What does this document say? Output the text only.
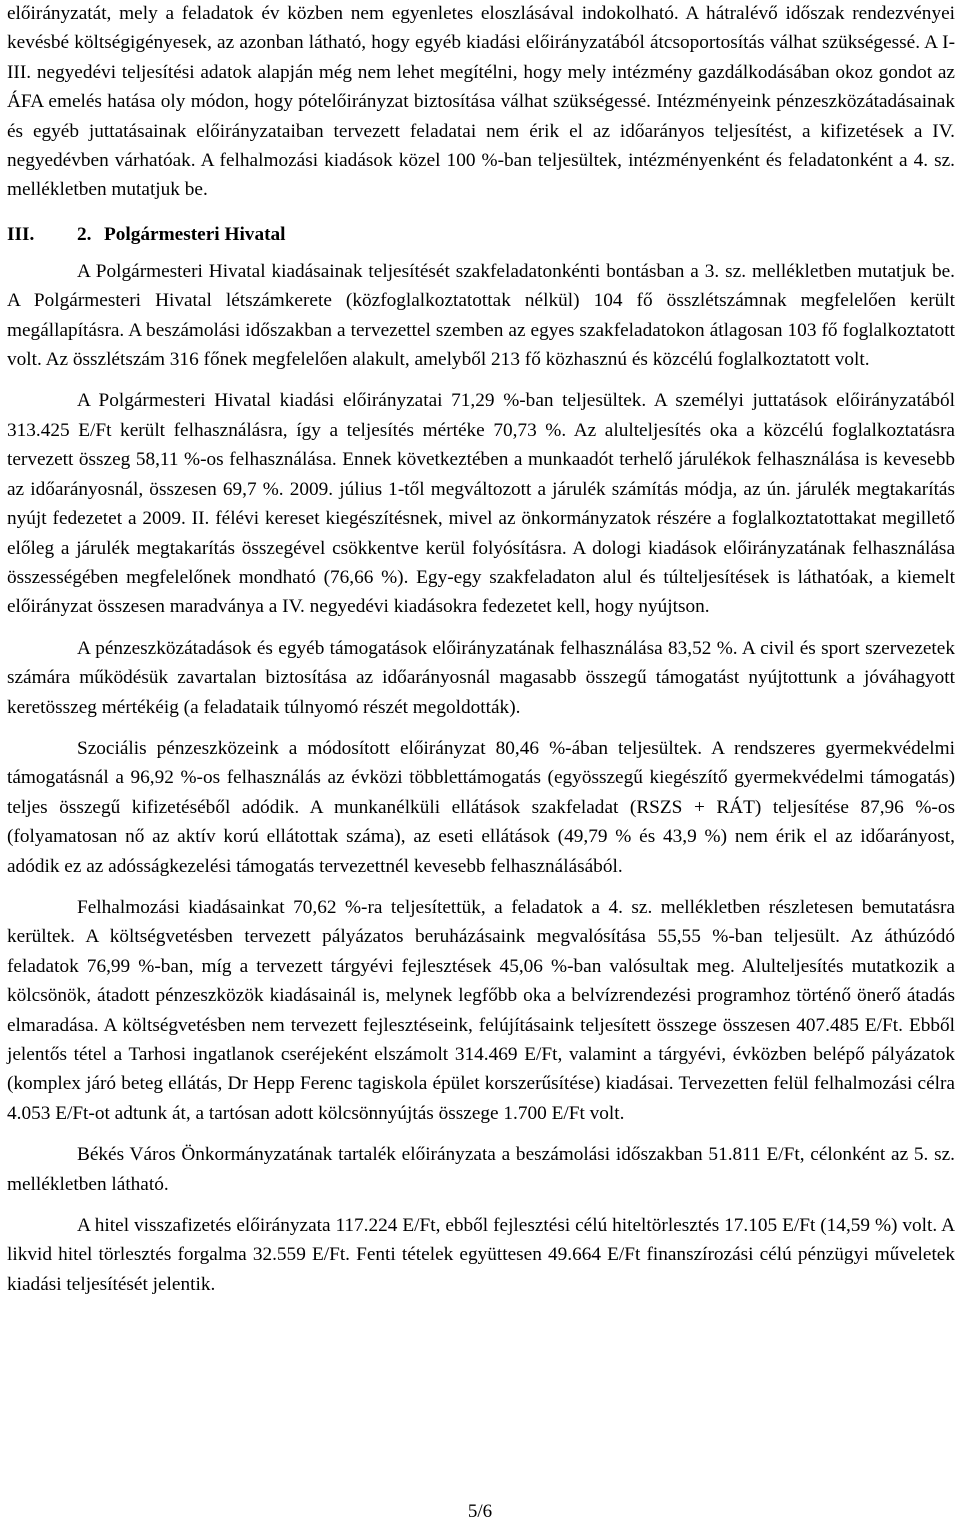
előirányzatát, mely a feladatok év közben nem egyenletes eloszlásával indokolható. A hátralévő időszak rendezvényei kevésbé költségigényesek, az azonban látható, hogy egyéb kiadási előirányzatából átcsoportosítás válhat szükségessé. A I-III. negyedévi teljesítési adatok alapján még nem lehet megítélni, hogy mely intézmény gazdálkodásában okoz gondot az ÁFA emelés hatása oly módon, hogy pótelőirányzat biztosítása válhat szükségessé. Intézményeink pénzeszközátadásainak és egyéb juttatásainak előirányzataiban tervezett feladatai nem érik el az időarányos teljesítést, a kifizetések a IV. negyedévben várhatóak. A felhalmozási kiadások közel 100 %-ban teljesültek, intézményenként és feladatonként a 4. sz. mellékletben mutatjuk be.

III. 2. Polgármesteri Hivatal

A Polgármesteri Hivatal kiadásainak teljesítését szakfeladatonkénti bontásban a 3. sz. mellékletben mutatjuk be. A Polgármesteri Hivatal létszámkerete (közfoglalkoztatottak nélkül) 104 fő összlétszámnak megfelelően került megállapításra. A beszámolási időszakban a tervezettel szemben az egyes szakfeladatokon átlagosan 103 fő foglalkoztatott volt. Az összlétszám 316 főnek megfelelően alakult, amelyből 213 fő közhasznú és közcélú foglalkoztatott volt.

A Polgármesteri Hivatal kiadási előirányzatai 71,29 %-ban teljesültek. A személyi juttatások előirányzatából 313.425 E/Ft került felhasználásra, így a teljesítés mértéke 70,73 %. Az alulteljesítés oka a közcélú foglalkoztatásra tervezett összeg 58,11 %-os felhasználása. Ennek következtében a munkaadót terhelő járulékok felhasználása is kevesebb az időarányosnál, összesen 69,7 %. 2009. július 1-től megváltozott a járulék számítás módja, az ún. járulék megtakarítás nyújt fedezetet a 2009. II. félévi kereset kiegészítésnek, mivel az önkormányzatok részére a foglalkoztatottakat megillető előleg a járulék megtakarítás összegével csökkentve kerül folyósításra. A dologi kiadások előirányzatának felhasználása összességében megfelelőnek mondható (76,66 %). Egy-egy szakfeladaton alul és túlteljesítések is láthatóak, a kiemelt előirányzat összesen maradványa a IV. negyedévi kiadásokra fedezetet kell, hogy nyújtson.

A pénzeszközátadások és egyéb támogatások előirányzatának felhasználása 83,52 %. A civil és sport szervezetek számára működésük zavartalan biztosítása az időarányosnál magasabb összegű támogatást nyújtottunk a jóváhagyott keretösszeg mértékéig (a feladataik túlnyomó részét megoldották).

Szociális pénzeszközeink a módosított előirányzat 80,46 %-ában teljesültek. A rendszeres gyermekvédelmi támogatásnál a 96,92 %-os felhasználás az évközi többlettámogatás (egyösszegű kiegészítő gyermekvédelmi támogatás) teljes összegű kifizetéséből adódik. A munkanélküli ellátások szakfeladat (RSZS + RÁT) teljesítése 87,96 %-os (folyamatosan nő az aktív korú ellátottak száma), az eseti ellátások (49,79 % és 43,9 %) nem érik el az időarányost, adódik ez az adósságkezelési támogatás tervezettnél kevesebb felhasználásából.

Felhalmozási kiadásainkat 70,62 %-ra teljesítettük, a feladatok a 4. sz. mellékletben részletesen bemutatásra kerültek. A költségvetésben tervezett pályázatos beruházásaink megvalósítása 55,55 %-ban teljesült. Az áthúzódó feladatok 76,99 %-ban, míg a tervezett tárgyévi fejlesztések 45,06 %-ban valósultak meg. Alulteljesítés mutatkozik a kölcsönök, átadott pénzeszközök kiadásainál is, melynek legfőbb oka a belvízrendezési programhoz történő önerő átadás elmaradása. A költségvetésben nem tervezett fejlesztéseink, felújításaink teljesített összege összesen 407.485 E/Ft. Ebből jelentős tétel a Tarhosi ingatlanok cseréjeként elszámolt 314.469 E/Ft, valamint a tárgyévi, évközben belépő pályázatok (komplex járó beteg ellátás, Dr Hepp Ferenc tagiskola épület korszerűsítése) kiadásai. Tervezetten felül felhalmozási célra 4.053 E/Ft-ot adtunk át, a tartósan adott kölcsönnyújtás összege 1.700 E/Ft volt.

Békés Város Önkormányzatának tartalék előirányzata a beszámolási időszakban 51.811 E/Ft, célonként az 5. sz. mellékletben látható.

A hitel visszafizetés előirányzata 117.224 E/Ft, ebből fejlesztési célú hiteltörlesztés 17.105 E/Ft (14,59 %) volt. A likvid hitel törlesztés forgalma 32.559 E/Ft. Fenti tételek együttesen 49.664 E/Ft finanszírozási célú pénzügyi műveletek kiadási teljesítését jelentik.

5/6
